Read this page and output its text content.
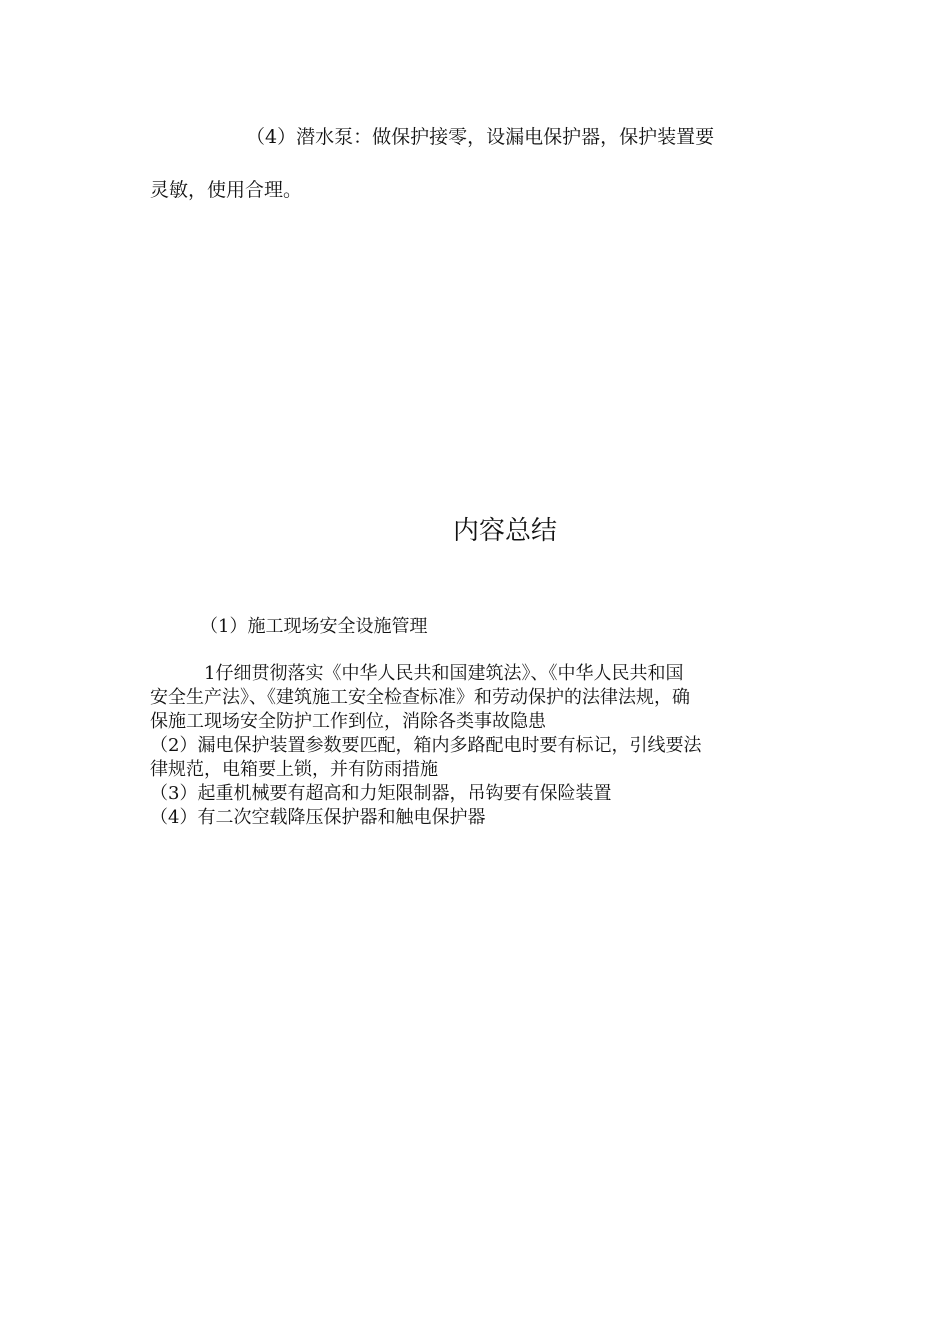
（4）潜水泵：做保护接零，设漏电保护器，保护装置要
灵敏，使用合理。
内容总结
（1）施工现场安全设施管理
1仔细贯彻落实《中华人民共和国建筑法》、《中华人民共和国
安全生产法》、《建筑施工安全检查标准》和劳动保护的法律法规，确
保施工现场安全防护工作到位，消除各类事故隐患
（2）漏电保护装置参数要匹配，箱内多路配电时要有标记，引线要法
律规范，电箱要上锁，并有防雨措施
（3）起重机械要有超高和力矩限制器，吊钩要有保险装置
（4）有二次空载降压保护器和触电保护器
